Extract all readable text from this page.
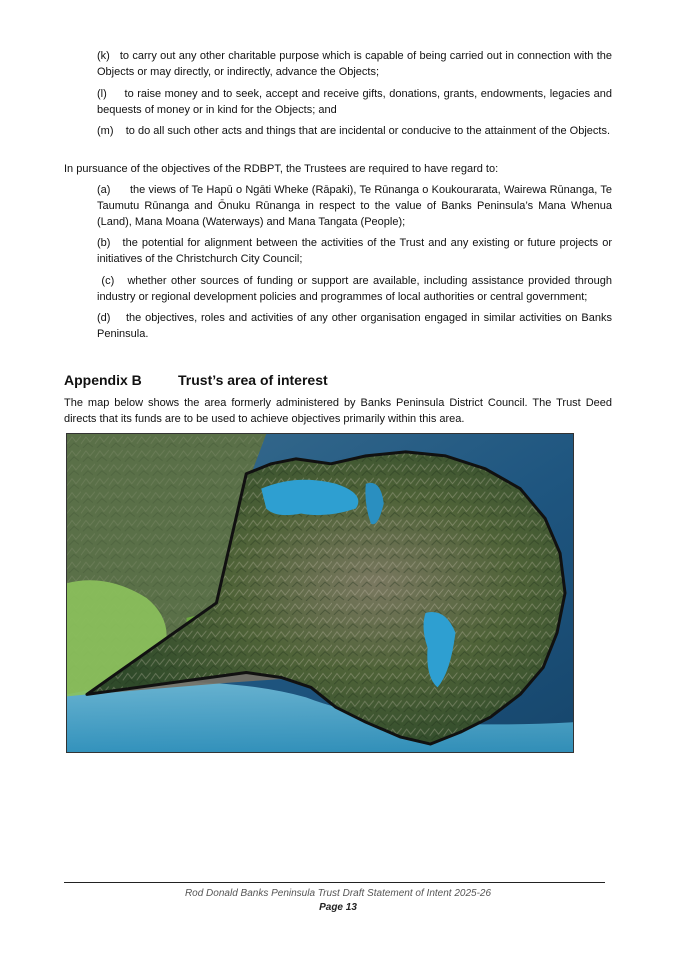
(k) to carry out any other charitable purpose which is capable of being carried out in connection with the Objects or may directly, or indirectly, advance the Objects;

(l) to raise money and to seek, accept and receive gifts, donations, grants, endowments, legacies and bequests of money or in kind for the Objects; and

(m) to do all such other acts and things that are incidental or conducive to the attainment of the Objects.

In pursuance of the objectives of the RDBPT, the Trustees are required to have regard to:

(a) the views of Te Hapū o Ngāti Wheke (Rāpaki), Te Rūnanga o Koukourarata, Wairewa Rūnanga, Te Taumutu Rūnanga and Ōnuku Rūnanga in respect to the value of Banks Peninsula’s Mana Whenua (Land), Mana Moana (Waterways) and Mana Tangata (People);

(b) the potential for alignment between the activities of the Trust and any existing or future projects or initiatives of the Christchurch City Council;

(c) whether other sources of funding or support are available, including assistance provided through industry or regional development policies and programmes of local authorities or central government;

(d) the objectives, roles and activities of any other organisation engaged in similar activities on Banks Peninsula.

Appendix B	Trust’s area of interest

The map below shows the area formerly administered by Banks Peninsula District Council. The Trust Deed directs that its funds are to be used to achieve objectives primarily within this area.

Rod Donald Banks Peninsula Trust Draft Statement of Intent 2025-26

Page 13
